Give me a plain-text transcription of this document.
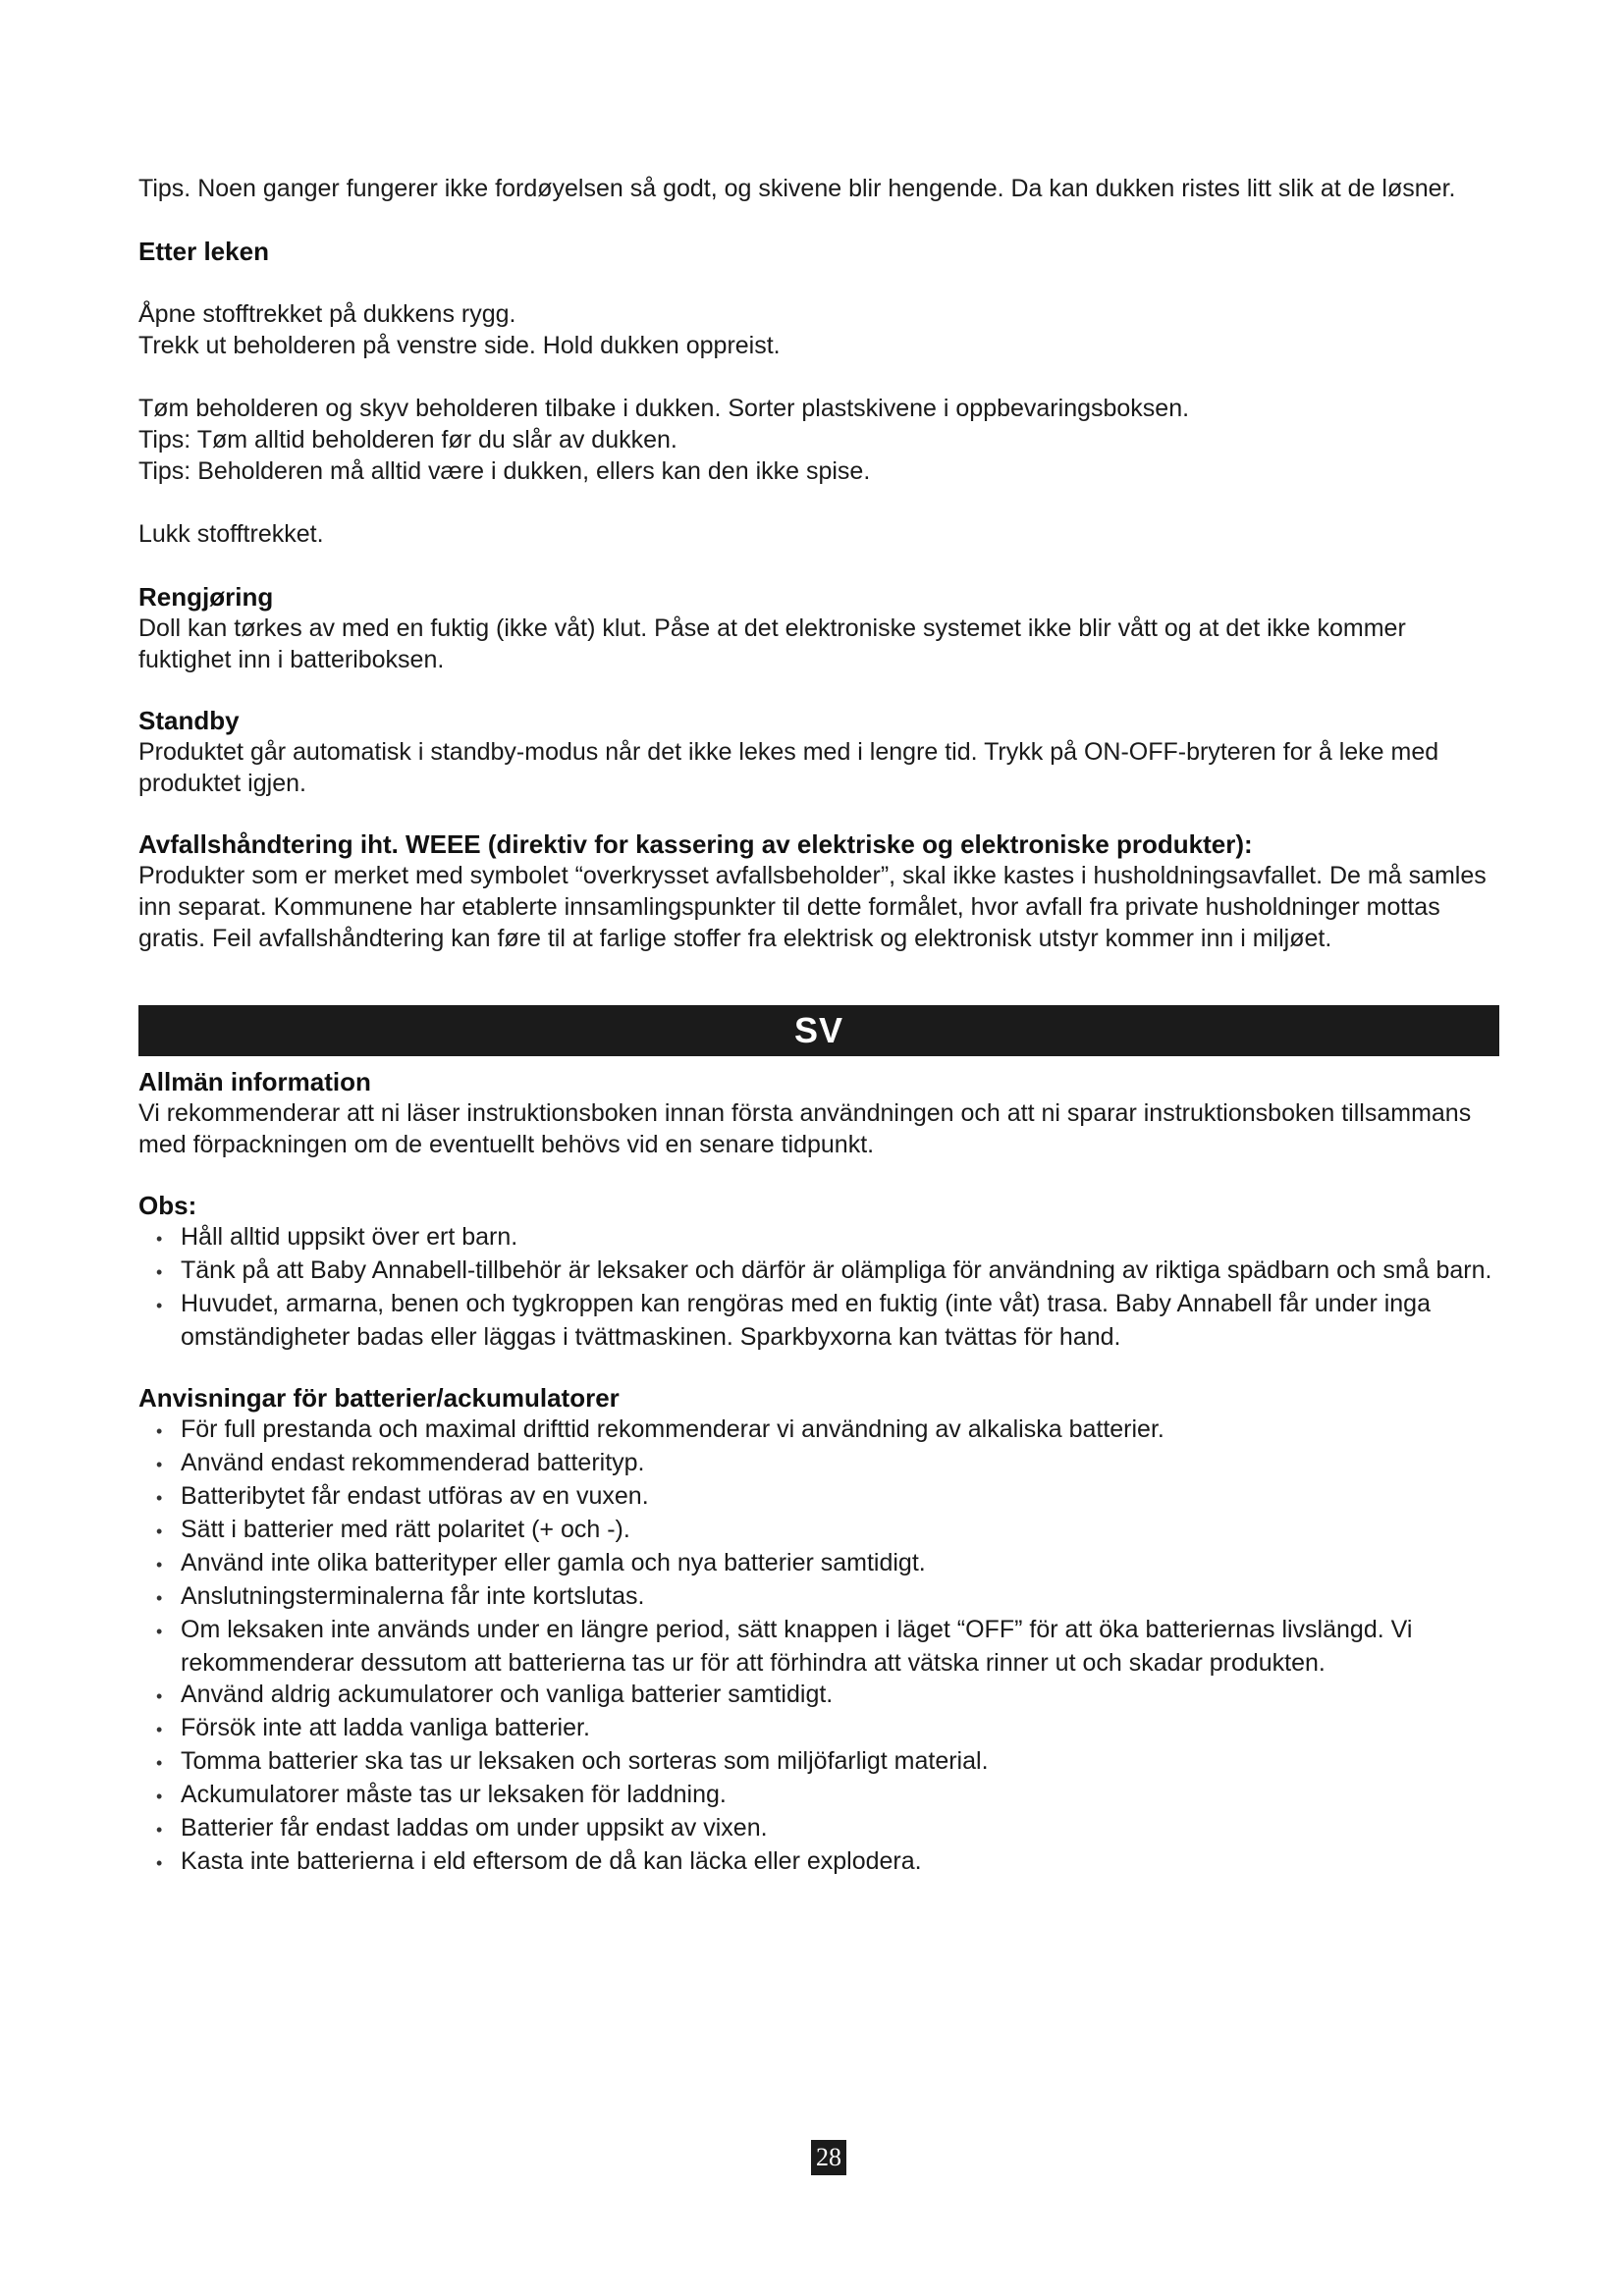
Tips. Noen ganger fungerer ikke fordøyelsen så godt, og skivene blir hengende. Da kan dukken ristes litt slik at de løsner.

Etter leken

Åpne stofftrekket på dukkens rygg.

Trekk ut beholderen på venstre side. Hold dukken oppreist.

Tøm beholderen og skyv beholderen tilbake i dukken. Sorter plastskivene i oppbevaringsboksen.

Tips: Tøm alltid beholderen før du slår av dukken.

Tips: Beholderen må alltid være i dukken, ellers kan den ikke spise.

Lukk stofftrekket.

Rengjøring

Doll kan tørkes av med en fuktig (ikke våt) klut. Påse at det elektroniske systemet ikke blir vått og at det ikke kommer fuktighet inn i batteriboksen.

Standby

Produktet går automatisk i standby-modus når det ikke lekes med i lengre tid. Trykk på ON-OFF-bryteren for å leke med produktet igjen.

Avfallshåndtering iht. WEEE (direktiv for kassering av elektriske og elektroniske produkter):

Produkter som er merket med symbolet “overkrysset avfallsbeholder”, skal ikke kastes i husholdningsavfallet. De må samles inn separat. Kommunene har etablerte innsamlingspunkter til dette formålet, hvor avfall fra private husholdninger mottas gratis. Feil avfallshåndtering kan føre til at farlige stoffer fra elektrisk og elektronisk utstyr kommer inn i miljøet.

SV
Allmän information

Vi rekommenderar att ni läser instruktionsboken innan första användningen och att ni sparar instruktionsboken tillsammans med förpackningen om de eventuellt behövs vid en senare tidpunkt.

Obs:
• Håll alltid uppsikt över ert barn.
• Tänk på att Baby Annabell-tillbehör är leksaker och därför är olämpliga för användning av riktiga spädbarn och små barn.
• Huvudet, armarna, benen och tygkroppen kan rengöras med en fuktig (inte våt) trasa. Baby Annabell får under inga omständigheter badas eller läggas i tvättmaskinen. Sparkbyxorna kan tvättas för hand.
Anvisningar för batterier/ackumulatorer
• För full prestanda och maximal drifttid rekommenderar vi användning av alkaliska batterier.
• Använd endast rekommenderad batterityp.
• Batteribytet får endast utföras av en vuxen.
• Sätt i batterier med rätt polaritet (+ och -).
• Använd inte olika batterityper eller gamla och nya batterier samtidigt.
• Anslutningsterminalerna får inte kortslutas.
• Om leksaken inte används under en längre period, sätt knappen i läget “OFF” för att öka batteriernas livslängd. Vi rekommenderar dessutom att batterierna tas ur för att förhindra att vätska rinner ut och skadar produkten.
• Använd aldrig ackumulatorer och vanliga batterier samtidigt.
• Försök inte att ladda vanliga batterier.
• Tomma batterier ska tas ur leksaken och sorteras som miljöfarligt material.
• Ackumulatorer måste tas ur leksaken för laddning.
• Batterier får endast laddas om under uppsikt av vixen.
• Kasta inte batterierna i eld eftersom de då kan läcka eller explodera.
28
